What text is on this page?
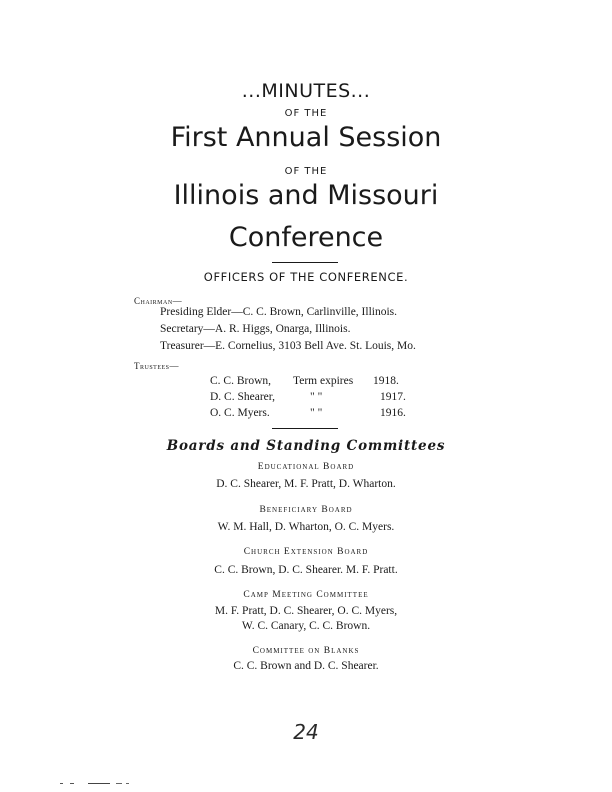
...MINUTES...
OF THE
First Annual Session
OF THE
Illinois and Missouri
Conference
OFFICERS OF THE CONFERENCE.
Chairman—
Presiding Elder—C. C. Brown, Carlinville, Illinois.
Secretary—A. R. Higgs, Onarga, Illinois.
Treasurer—E. Cornelius, 3103 Bell Ave. St. Louis, Mo.
Trustees—
C. C. Brown, Term expires 1918.
D. C. Shearer,	" "	1917.
O. C. Myers.	" "	1916.
Boards and Standing Committees
Educational Board
D. C. Shearer, M. F. Pratt, D. Wharton.
Beneficiary Board
W. M. Hall, D. Wharton, O. C. Myers.
Church Extension Board
C. C. Brown, D. C. Shearer. M. F. Pratt.
Camp Meeting Committee
M. F. Pratt, D. C. Shearer, O. C. Myers,
W. C. Canary, C. C. Brown.
Committee on Blanks
C. C. Brown and D. C. Shearer.
24
